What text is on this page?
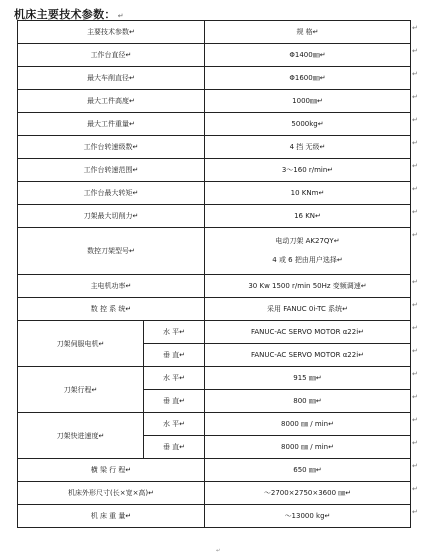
机床主要技术参数： ↵
主要技术参数↵		规 格↵
工作台直径↵		Φ1400㎜↵
最大车削直径↵		Φ1600㎜↵
最大工件高度↵		1000㎜↵
最大工件重量↵		5000kg↵
工作台转速级数↵		4 挡 无级↵
工作台转速范围↵		3～160 r/min↵
工作台最大转矩↵		10 KNm↵
刀架最大切削力↵		16 KN↵
数控刀架型号↵		电动刀架 AK27QY↵
4 或 6 把由用户选择↵

主电机功率↵		30 Kw 1500 r/min 50Hz 变频调速↵
数 控 系 统↵		采用 FANUC 0i-TC 系统↵
刀架伺服电机↵	水 平↵	FANUC-AC SERVO MOTOR α22i↵
	垂 直↵	FANUC-AC SERVO MOTOR α22i↵
刀架行程↵	水 平↵	915 ㎜↵
	垂 直↵	800 ㎜↵
刀架快进速度↵	水 平↵	8000 ㎜ / min↵
	垂 直↵	8000 ㎜ / min↵
横 梁 行 程↵		650 ㎜↵
机床外形尺寸(长×宽×高)↵		～2700×2750×3600 ㎜↵
机 床 重 量↵		～13000 kg↵
↵
↵
↵
↵
↵
↵
↵
↵
↵
↵
↵
↵
↵
↵
↵
↵
↵
↵
↵
↵
↵
↵
